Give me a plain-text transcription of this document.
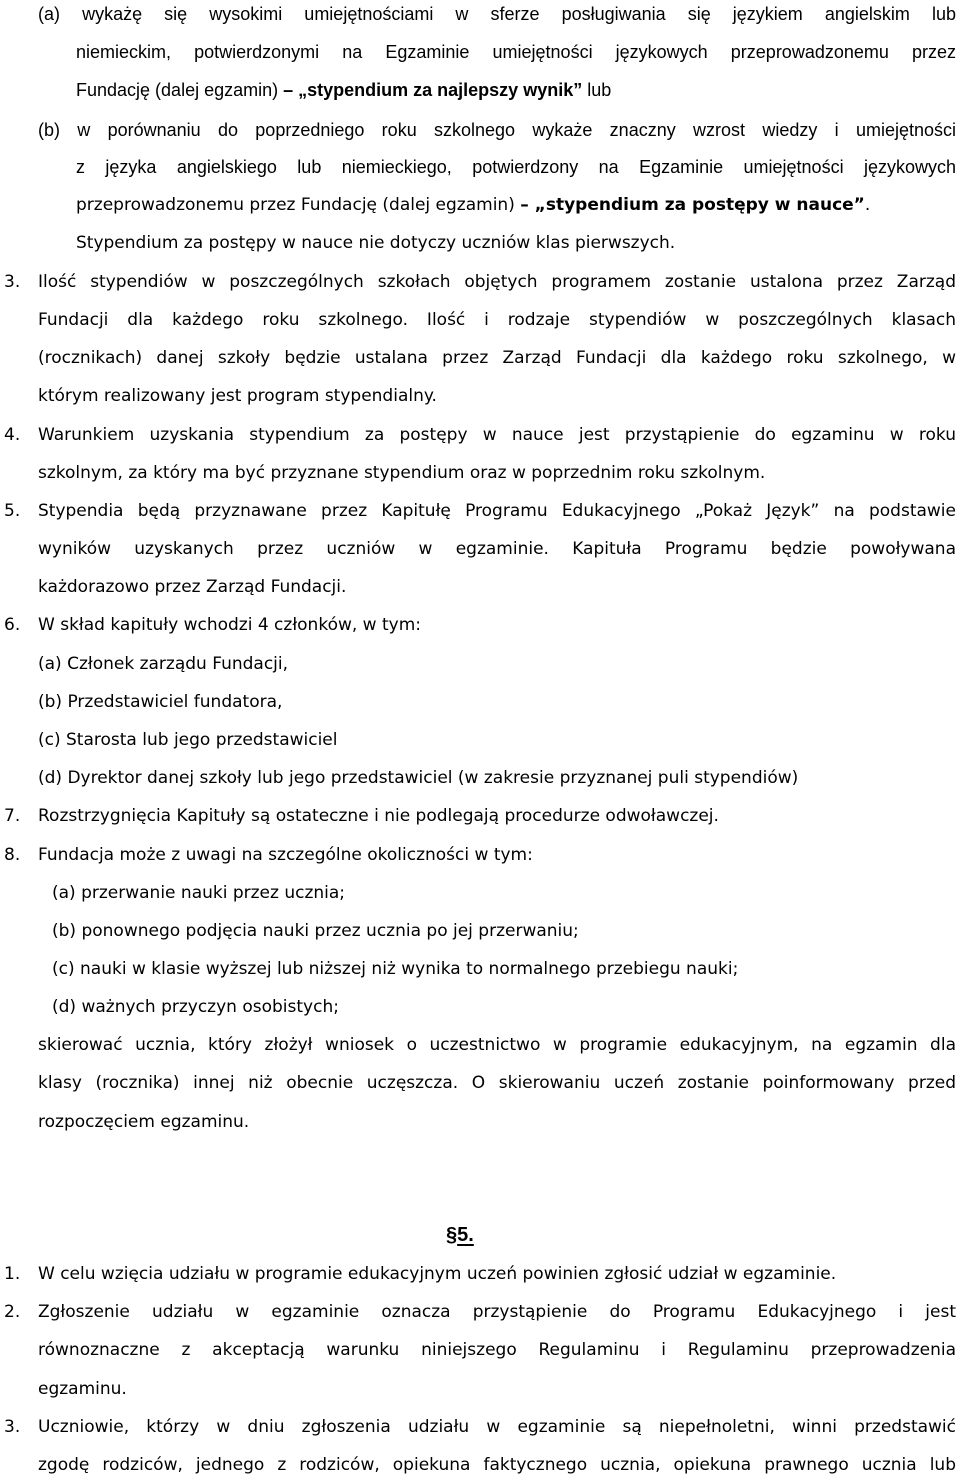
(a) wykażę się wysokimi umiejętnościami w sferze posługiwania się językiem angielskim lub
niemieckim, potwierdzonymi na Egzaminie umiejętności językowych przeprowadzonemu przez
Fundację (dalej egzamin) – „stypendium za najlepszy wynik” lub
(b) w porównaniu do poprzedniego roku szkolnego wykaże znaczny wzrost wiedzy i umiejętności
z języka angielskiego lub niemieckiego, potwierdzony na Egzaminie umiejętności językowych
przeprowadzonemu przez Fundację (dalej egzamin) – „stypendium za postępy w nauce”.
Stypendium za postępy w nauce nie dotyczy uczniów klas pierwszych.
3. Ilość stypendiów w poszczególnych szkołach objętych programem zostanie ustalona przez Zarząd
Fundacji dla każdego roku szkolnego. Ilość i rodzaje stypendiów w poszczególnych klasach
(rocznikach) danej szkoły będzie ustalana przez Zarząd Fundacji dla każdego roku szkolnego, w
którym realizowany jest program stypendialny.
4. Warunkiem uzyskania stypendium za postępy w nauce jest przystąpienie do egzaminu w roku
szkolnym, za który ma być przyznane stypendium oraz w poprzednim roku szkolnym.
5. Stypendia będą przyznawane przez Kapitułę Programu Edukacyjnego „Pokaż Język” na podstawie
wyników uzyskanych przez uczniów w egzaminie. Kapituła Programu będzie powoływana
każdorazowo przez Zarząd Fundacji.
6. W skład kapituły wchodzi 4 członków, w tym:
(a) Członek zarządu Fundacji,
(b) Przedstawiciel fundatora,
(c) Starosta lub jego przedstawiciel
(d) Dyrektor danej szkoły lub jego przedstawiciel (w zakresie przyznanej puli stypendiów)
7. Rozstrzygnięcia Kapituły są ostateczne i nie podlegają procedurze odwoławczej.
8. Fundacja może z uwagi na szczególne okoliczności w tym:
(a) przerwanie nauki przez ucznia;
(b) ponownego podjęcia nauki przez ucznia po jej przerwaniu;
(c) nauki w klasie wyższej lub niższej niż wynika to normalnego przebiegu nauki;
(d) ważnych przyczyn osobistych;
skierować ucznia, który złożył wniosek o uczestnictwo w programie edukacyjnym, na egzamin dla
klasy (rocznika) innej niż obecnie uczęszcza. O skierowaniu uczeń zostanie poinformowany przed
rozpoczęciem egzaminu.
§5.
1. W celu wzięcia udziału w programie edukacyjnym uczeń powinien zgłosić udział w egzaminie.
2. Zgłoszenie udziału w egzaminie oznacza przystąpienie do Programu Edukacyjnego i jest
równoznaczne z akceptacją warunku niniejszego Regulaminu i Regulaminu przeprowadzenia
egzaminu.
3. Uczniowie, którzy w dniu zgłoszenia udziału w egzaminie są niepełnoletni, winni przedstawić
zgodę rodziców, jednego z rodziców, opiekuna faktycznego ucznia, opiekuna prawnego ucznia lub
